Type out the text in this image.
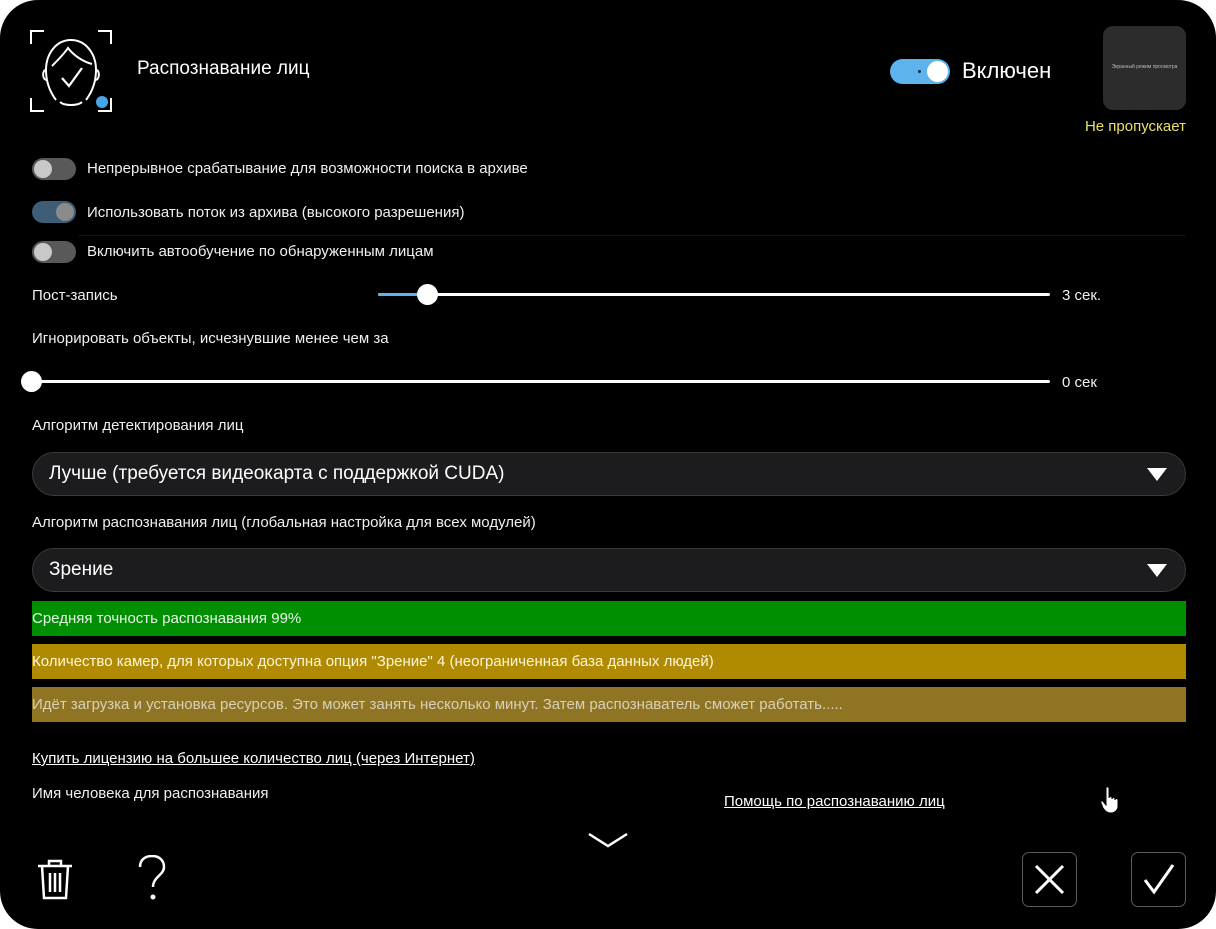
Распознавание лиц	Включен	Экранный режим просмотра
Не пропускает
Непрерывное срабатывание для возможности поиска в архиве
Использовать поток из архива (высокого разрешения)
Включить автообучение по обнаруженным лицам
Пост-запись	3 сек.
Игнорировать объекты, исчезнувшие менее чем за
0 сек
Алгоритм детектирования лиц
Лучше (требуется видеокарта с поддержкой CUDA)
Алгоритм распознавания лиц (глобальная настройка для всех модулей)
Зрение
Средняя точность распознавания 99%
Количество камер, для которых доступна опция "Зрение" 4 (неограниченная база данных людей)
Идёт загрузка и установка ресурсов. Это может занять несколько минут. Затем распознаватель сможет работать.....
Купить лицензию на большее количество лиц (через Интернет)
Имя человека для распознавания	Помощь по распознаванию лиц
